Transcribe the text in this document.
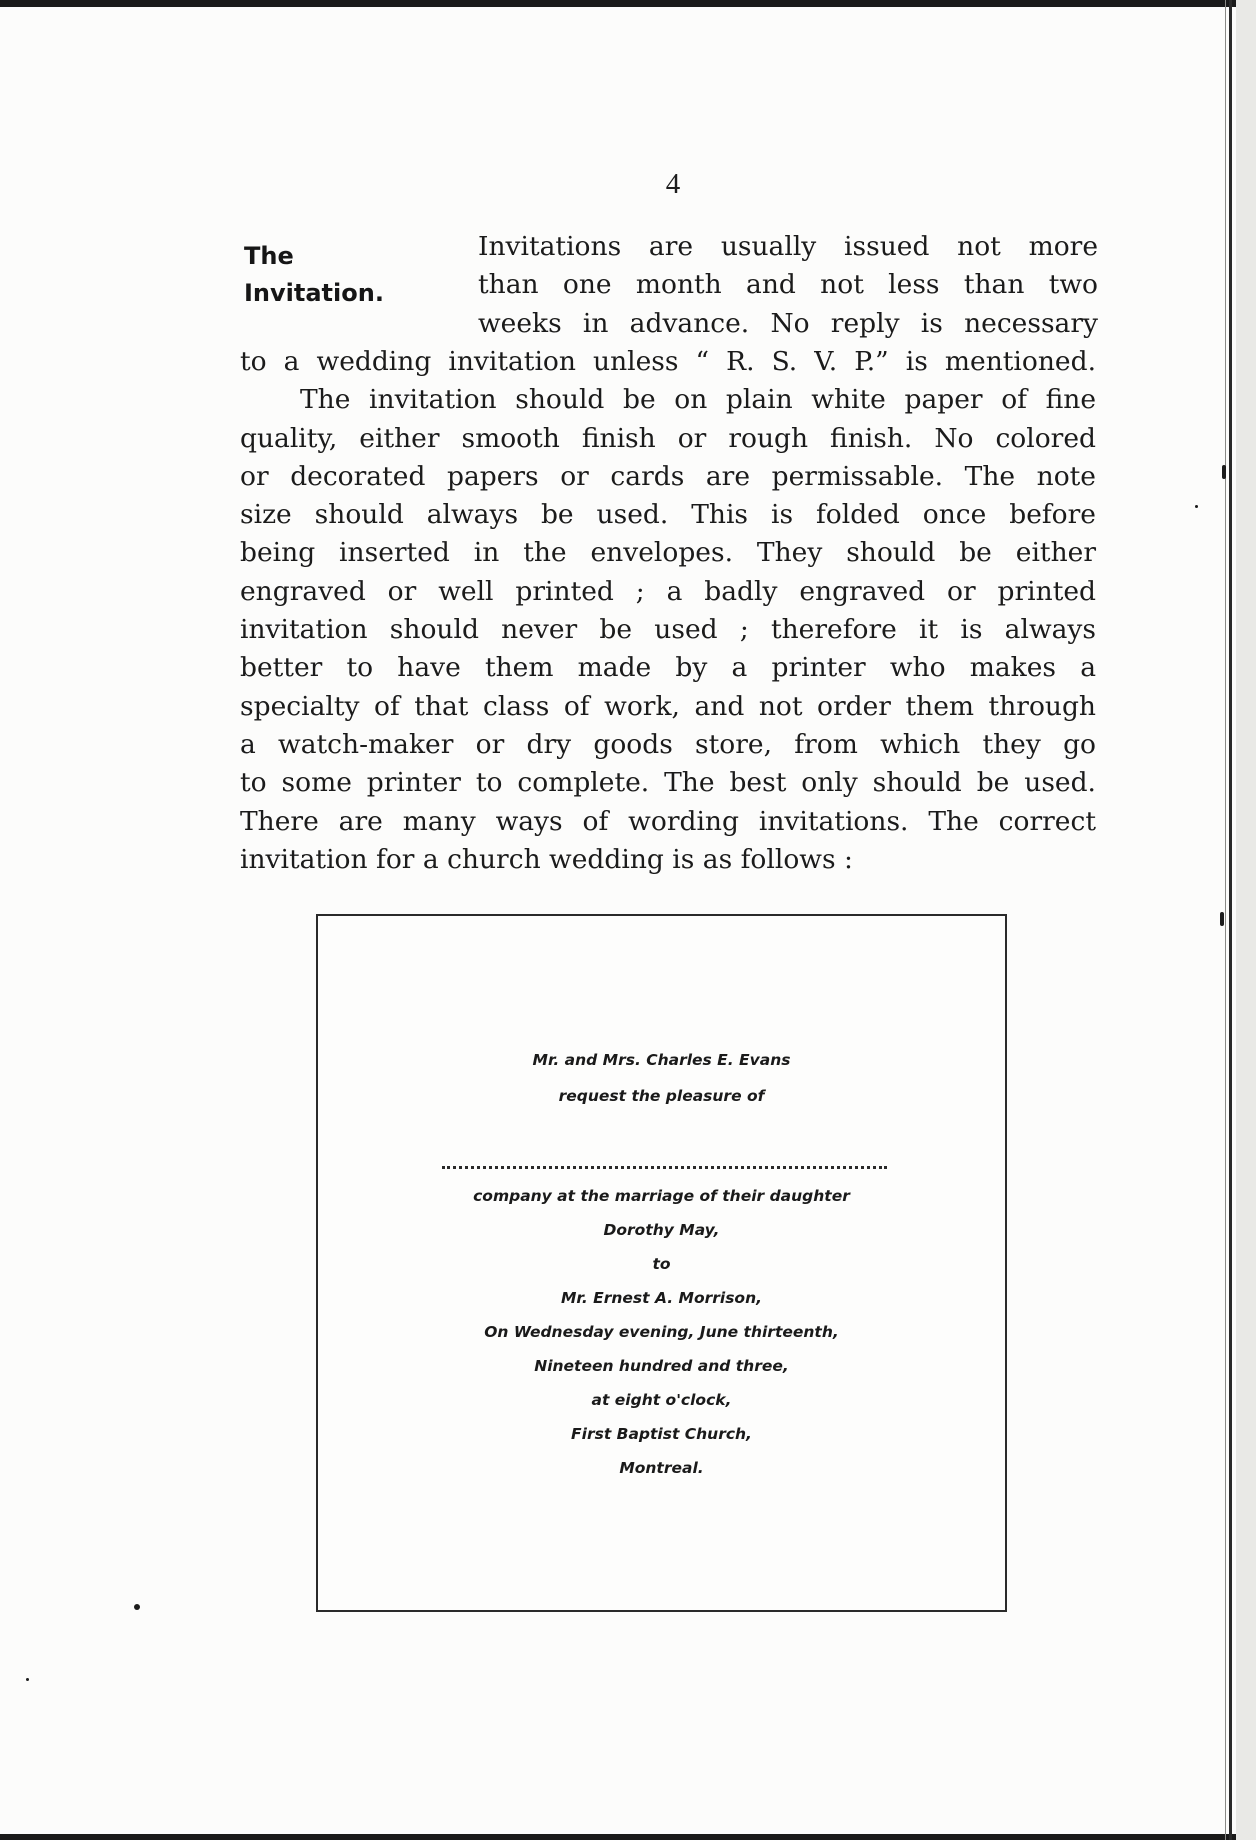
4
The
Invitation.
Invitations are usually issued not more
than one month and not less than two
weeks in advance. No reply is necessary
to a wedding invitation unless “ R. S. V. P.” is mentioned.
The invitation should be on plain white paper of fine
quality, either smooth finish or rough finish. No colored
or decorated papers or cards are permissable. The note
size should always be used. This is folded once before
being inserted in the envelopes. They should be either
engraved or well printed ; a badly engraved or printed
invitation should never be used ; therefore it is always
better to have them made by a printer who makes a
specialty of that class of work, and not order them through
a watch-maker or dry goods store, from which they go
to some printer to complete. The best only should be used.
There are many ways of wording invitations. The correct
invitation for a church wedding is as follows :
Mr. and Mrs. Charles E. Evans
request the pleasure of
company at the marriage of their daughter
Dorothy May,
to
Mr. Ernest A. Morrison,
On Wednesday evening, June thirteenth,
Nineteen hundred and three,
at eight o'clock,
First Baptist Church,
Montreal.
